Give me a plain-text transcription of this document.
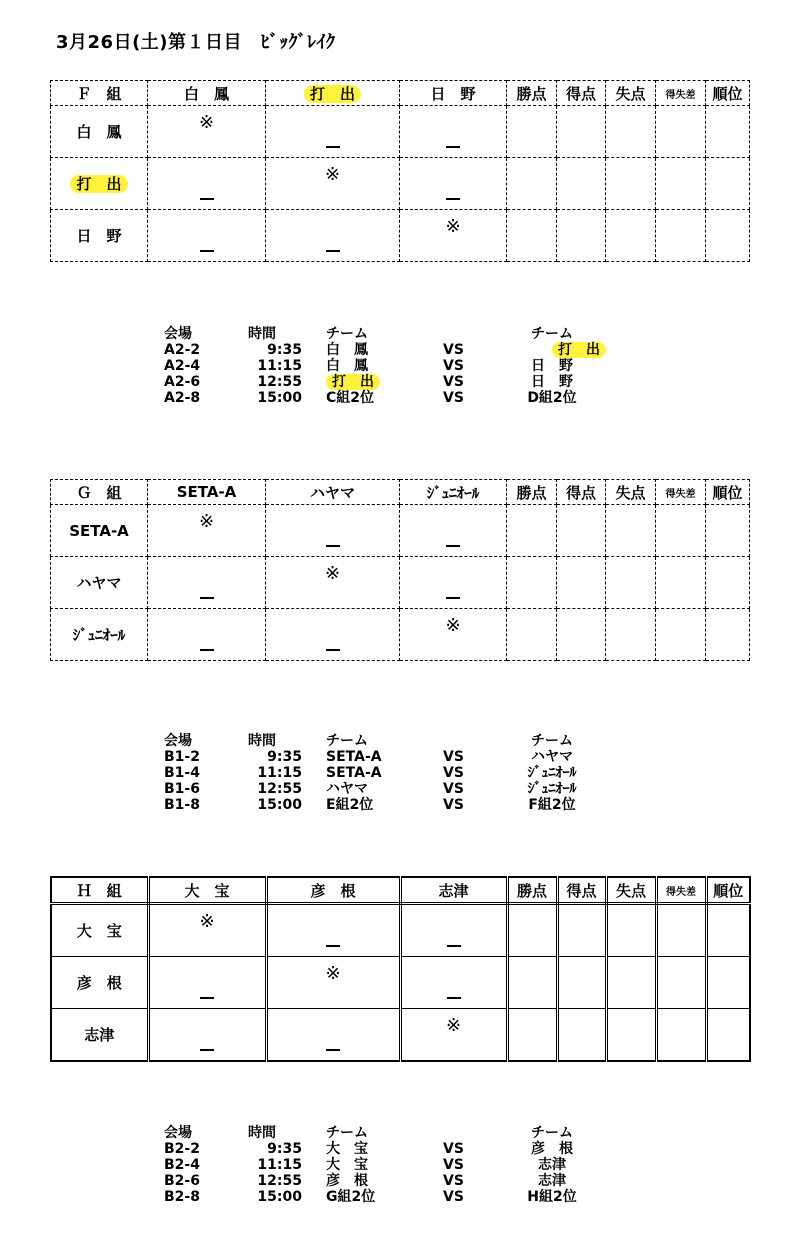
3月26日(土)第１日目　ﾋﾞｯｸﾞﾚｲｸ
Ｆ　組	白　鳳	打　出	日　野	勝点	得点	失点	得失差	順位
白　鳳	※							

打　出		※						

日　野			※					

会場	時間	チーム	チーム
A2-2	9:35 白　鳳	VS	打　出
A2-4	11:15 白　鳳	VS	日　野
A2-6	12:55	打　出	VS	日　野
A2-8	15:00 C組2位	VS	D組2位
Ｇ　組	SETA-A	ハヤマ	ｼﾞｭﾆｵｰﾙ	勝点	得点	失点	得失差	順位
SETA-A	※							

ハヤマ		※						

ｼﾞｭﾆｵｰﾙ			※					

会場	時間	チーム	チーム
B1-2	9:35 SETA-A	VS	ハヤマ
B1-4	11:15 SETA-A	VS	ｼﾞｭﾆｵｰﾙ
B1-6	12:55 ハヤマ	VS	ｼﾞｭﾆｵｰﾙ
B1-8	15:00 E組2位	VS	F組2位
Ｈ　組	大　宝	彦　根	志津	勝点	得点	失点	得失差	順位
大　宝	※							

彦　根		※						

志津			※					

会場	時間	チーム	チーム
B2-2	9:35 大　宝	VS	彦　根
B2-4	11:15 大　宝	VS	志津
B2-6	12:55 彦　根	VS	志津
B2-8	15:00 G組2位	VS	H組2位
